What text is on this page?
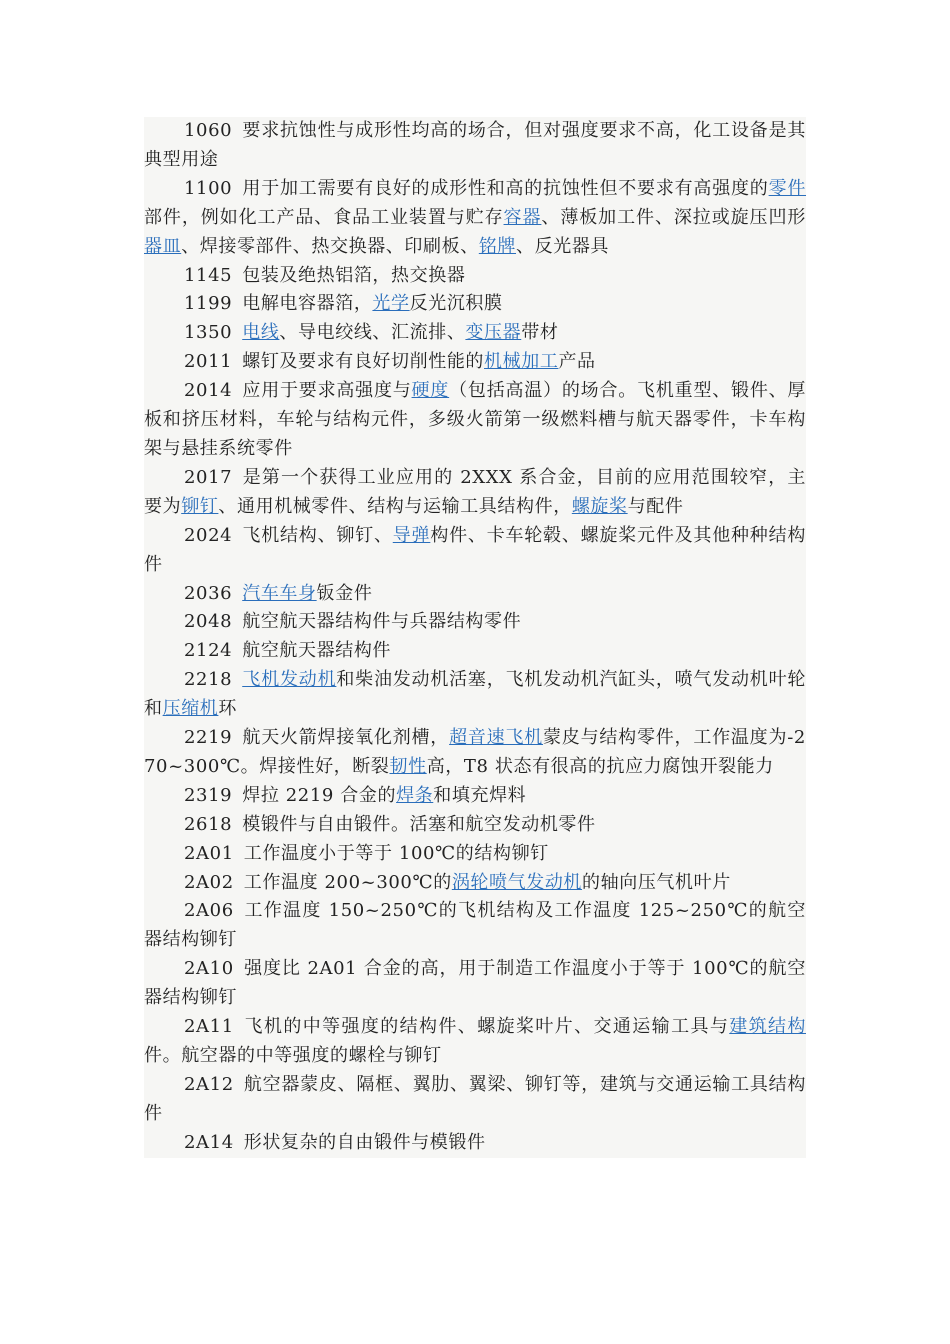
1060 要求抗蚀性与成形性均高的场合，但对强度要求不高，化工设备是其典型用途

1100 用于加工需要有良好的成形性和高的抗蚀性但不要求有高强度的零件部件，例如化工产品、食品工业装置与贮存容器、薄板加工件、深拉或旋压凹形器皿、焊接零部件、热交换器、印刷板、铭牌、反光器具

1145 包装及绝热铝箔，热交换器

1199 电解电容器箔，光学反光沉积膜

1350 电线、导电绞线、汇流排、变压器带材

2011 螺钉及要求有良好切削性能的机械加工产品

2014 应用于要求高强度与硬度（包括高温）的场合。飞机重型、锻件、厚板和挤压材料，车轮与结构元件，多级火箭第一级燃料槽与航天器零件，卡车构架与悬挂系统零件

2017 是第一个获得工业应用的 2XXX 系合金，目前的应用范围较窄，主要为铆钉、通用机械零件、结构与运输工具结构件，螺旋桨与配件

2024 飞机结构、铆钉、导弹构件、卡车轮毂、螺旋桨元件及其他种种结构件

2036 汽车车身钣金件

2048 航空航天器结构件与兵器结构零件

2124 航空航天器结构件

2218 飞机发动机和柴油发动机活塞，飞机发动机汽缸头，喷气发动机叶轮和压缩机环

2219 航天火箭焊接氧化剂槽，超音速飞机蒙皮与结构零件，工作温度为-270~300℃。焊接性好，断裂韧性高，T8 状态有很高的抗应力腐蚀开裂能力

2319 焊拉 2219 合金的焊条和填充焊料

2618 模锻件与自由锻件。活塞和航空发动机零件

2A01 工作温度小于等于 100℃的结构铆钉

2A02 工作温度 200~300℃的涡轮喷气发动机的轴向压气机叶片

2A06 工作温度 150~250℃的飞机结构及工作温度 125~250℃的航空器结构铆钉

2A10 强度比 2A01 合金的高，用于制造工作温度小于等于 100℃的航空器结构铆钉

2A11 飞机的中等强度的结构件、螺旋桨叶片、交通运输工具与建筑结构件。航空器的中等强度的螺栓与铆钉

2A12 航空器蒙皮、隔框、翼肋、翼梁、铆钉等，建筑与交通运输工具结构件

2A14 形状复杂的自由锻件与模锻件
